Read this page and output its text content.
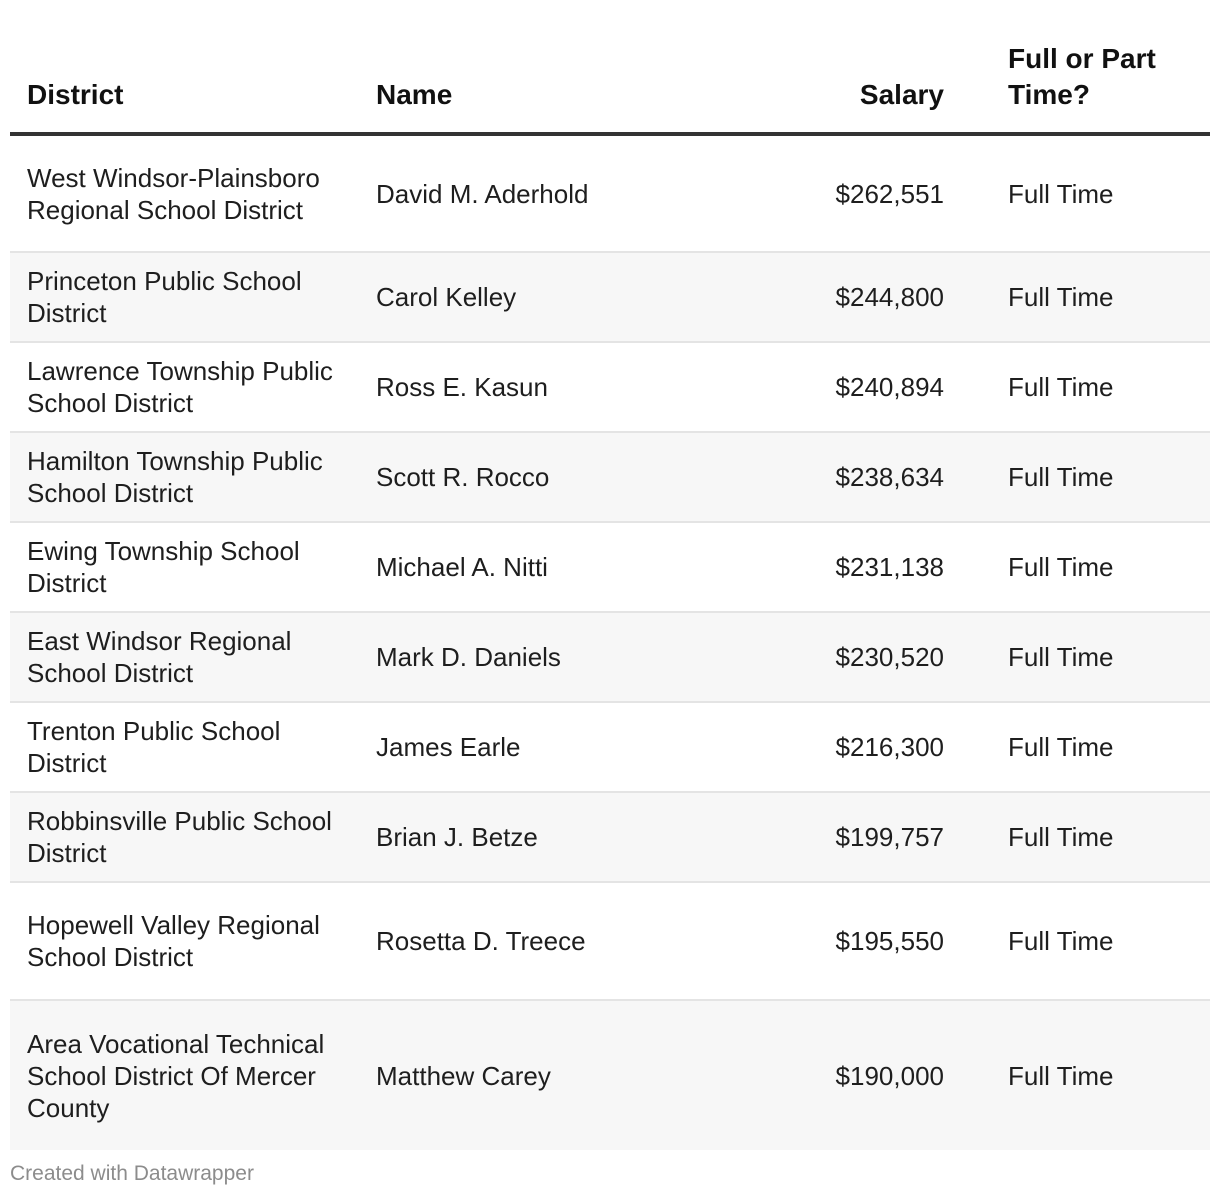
District	Name	Salary	Full or Part Time?
West Windsor-Plainsboro Regional School District	David M. Aderhold	$262,551	Full Time
Princeton Public School District	Carol Kelley	$244,800	Full Time
Lawrence Township Public School District	Ross E. Kasun	$240,894	Full Time
Hamilton Township Public School District	Scott R. Rocco	$238,634	Full Time
Ewing Township School District	Michael A. Nitti	$231,138	Full Time
East Windsor Regional School District	Mark D. Daniels	$230,520	Full Time
Trenton Public School District	James Earle	$216,300	Full Time
Robbinsville Public School District	Brian J. Betze	$199,757	Full Time
Hopewell Valley Regional School District	Rosetta D. Treece	$195,550	Full Time
Area Vocational Technical School District Of Mercer County	Matthew Carey	$190,000	Full Time
Created with Datawrapper
